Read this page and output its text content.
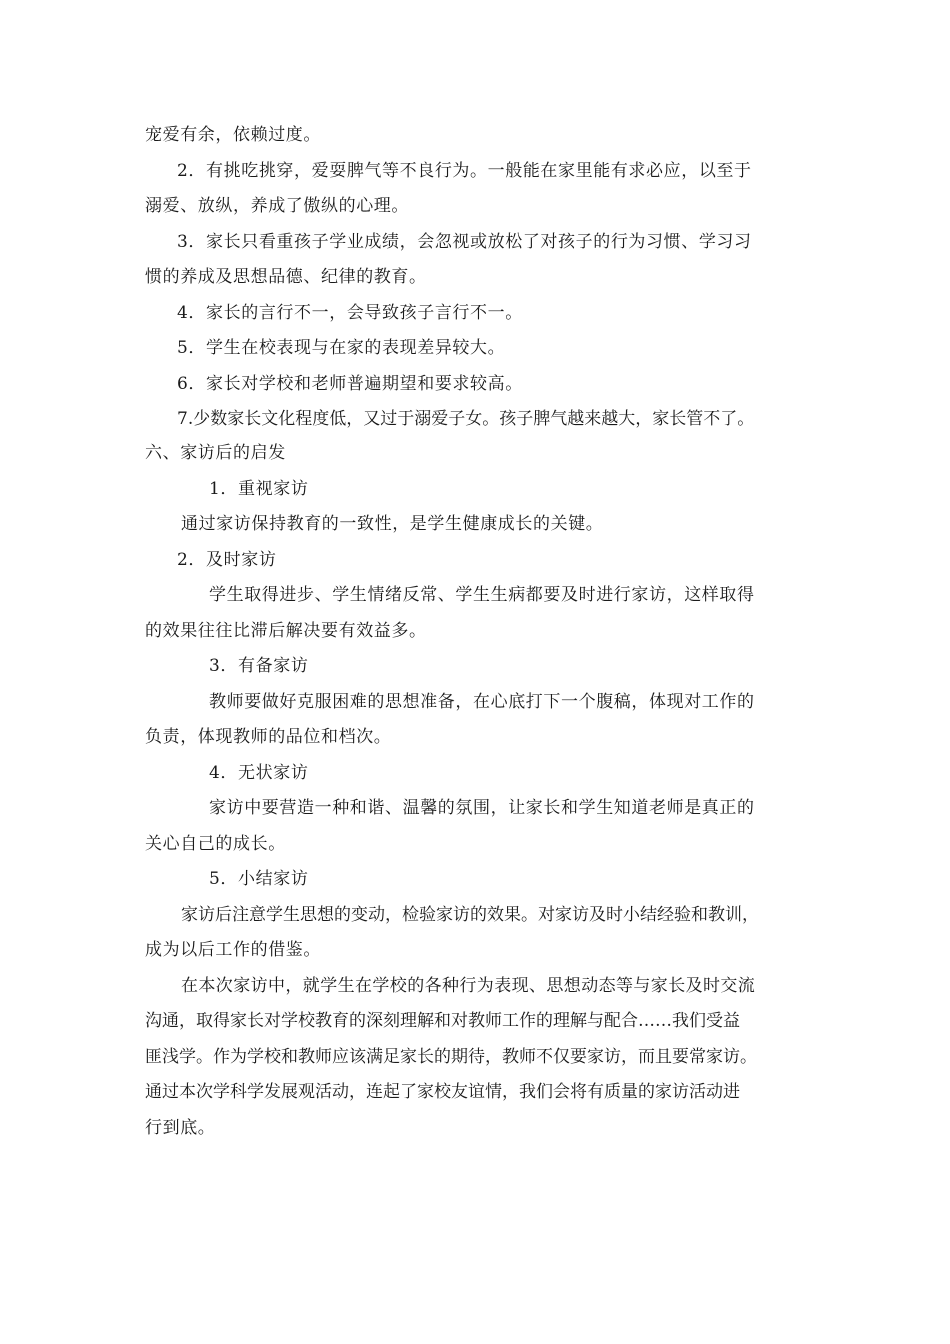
宠爱有余，依赖过度。
2．有挑吃挑穿，爱耍脾气等不良行为。一般能在家里能有求必应，以至于
溺爱、放纵，养成了傲纵的心理。
3．家长只看重孩子学业成绩，会忽视或放松了对孩子的行为习惯、学习习
惯的养成及思想品德、纪律的教育。
4．家长的言行不一，会导致孩子言行不一。
5．学生在校表现与在家的表现差异较大。
6．家长对学校和老师普遍期望和要求较高。
7.少数家长文化程度低，又过于溺爱子女。孩子脾气越来越大，家长管不了。
六、家访后的启发
1．重视家访
通过家访保持教育的一致性，是学生健康成长的关键。
2．及时家访
学生取得进步、学生情绪反常、学生生病都要及时进行家访，这样取得
的效果往往比滞后解决要有效益多。
3．有备家访
教师要做好克服困难的思想准备，在心底打下一个腹稿，体现对工作的
负责，体现教师的品位和档次。
4．无状家访
家访中要营造一种和谐、温馨的氛围，让家长和学生知道老师是真正的
关心自己的成长。
5．小结家访
家访后注意学生思想的变动，检验家访的效果。对家访及时小结经验和教训，
成为以后工作的借鉴。
在本次家访中，就学生在学校的各种行为表现、思想动态等与家长及时交流
沟通，取得家长对学校教育的深刻理解和对教师工作的理解与配合……我们受益
匪浅学。作为学校和教师应该满足家长的期待，教师不仅要家访，而且要常家访。
通过本次学科学发展观活动，连起了家校友谊情，我们会将有质量的家访活动进
行到底。
